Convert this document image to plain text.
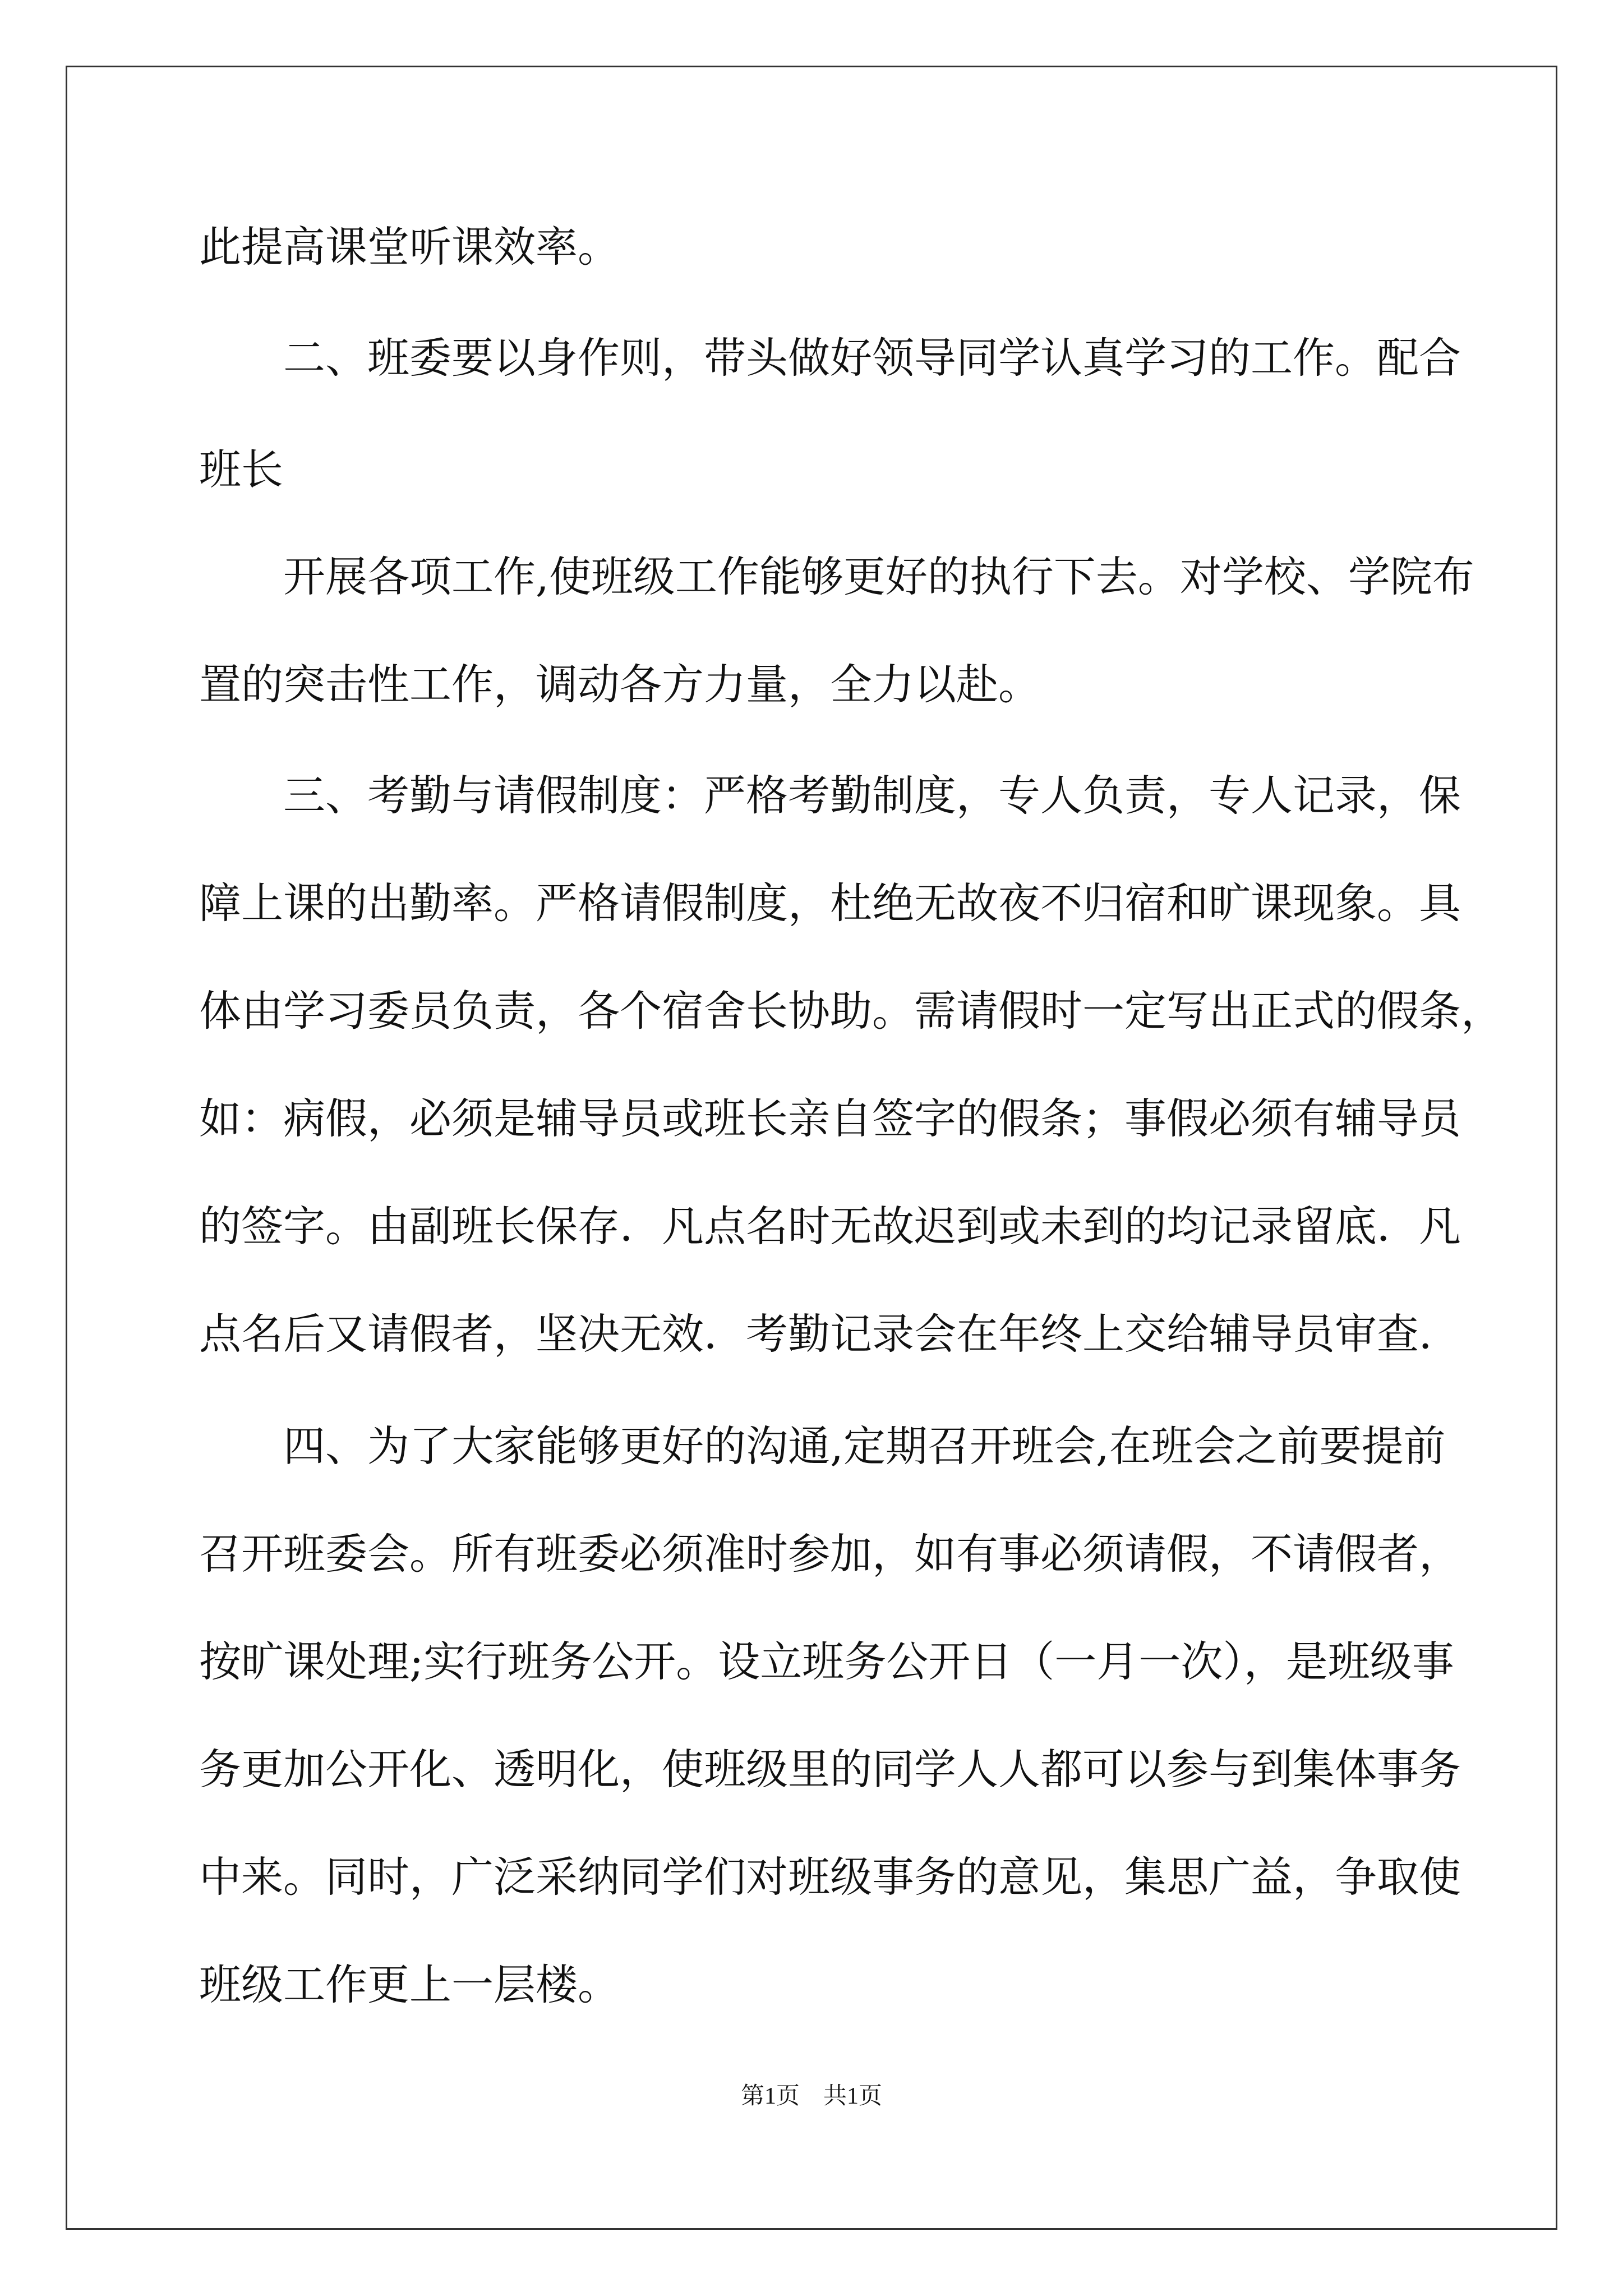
此提高课堂听课效率。
二、班委要以身作则，带头做好领导同学认真学习的工作。配合
班长
开展各项工作,使班级工作能够更好的执行下去。对学校、学院布
置的突击性工作，调动各方力量，全力以赴。
三、考勤与请假制度：严格考勤制度，专人负责，专人记录，保
障上课的出勤率。严格请假制度，杜绝无故夜不归宿和旷课现象。具
体由学习委员负责，各个宿舍长协助。需请假时一定写出正式的假条，
如：病假，必须是辅导员或班长亲自签字的假条；事假必须有辅导员
的签字。由副班长保存．凡点名时无故迟到或未到的均记录留底．凡
点名后又请假者，坚决无效．考勤记录会在年终上交给辅导员审查．
四、为了大家能够更好的沟通,定期召开班会,在班会之前要提前
召开班委会。所有班委必须准时参加，如有事必须请假，不请假者，
按旷课处理;实行班务公开。设立班务公开日（一月一次），是班级事
务更加公开化、透明化，使班级里的同学人人都可以参与到集体事务
中来。同时，广泛采纳同学们对班级事务的意见，集思广益，争取使
班级工作更上一层楼。
第1页　共1页
